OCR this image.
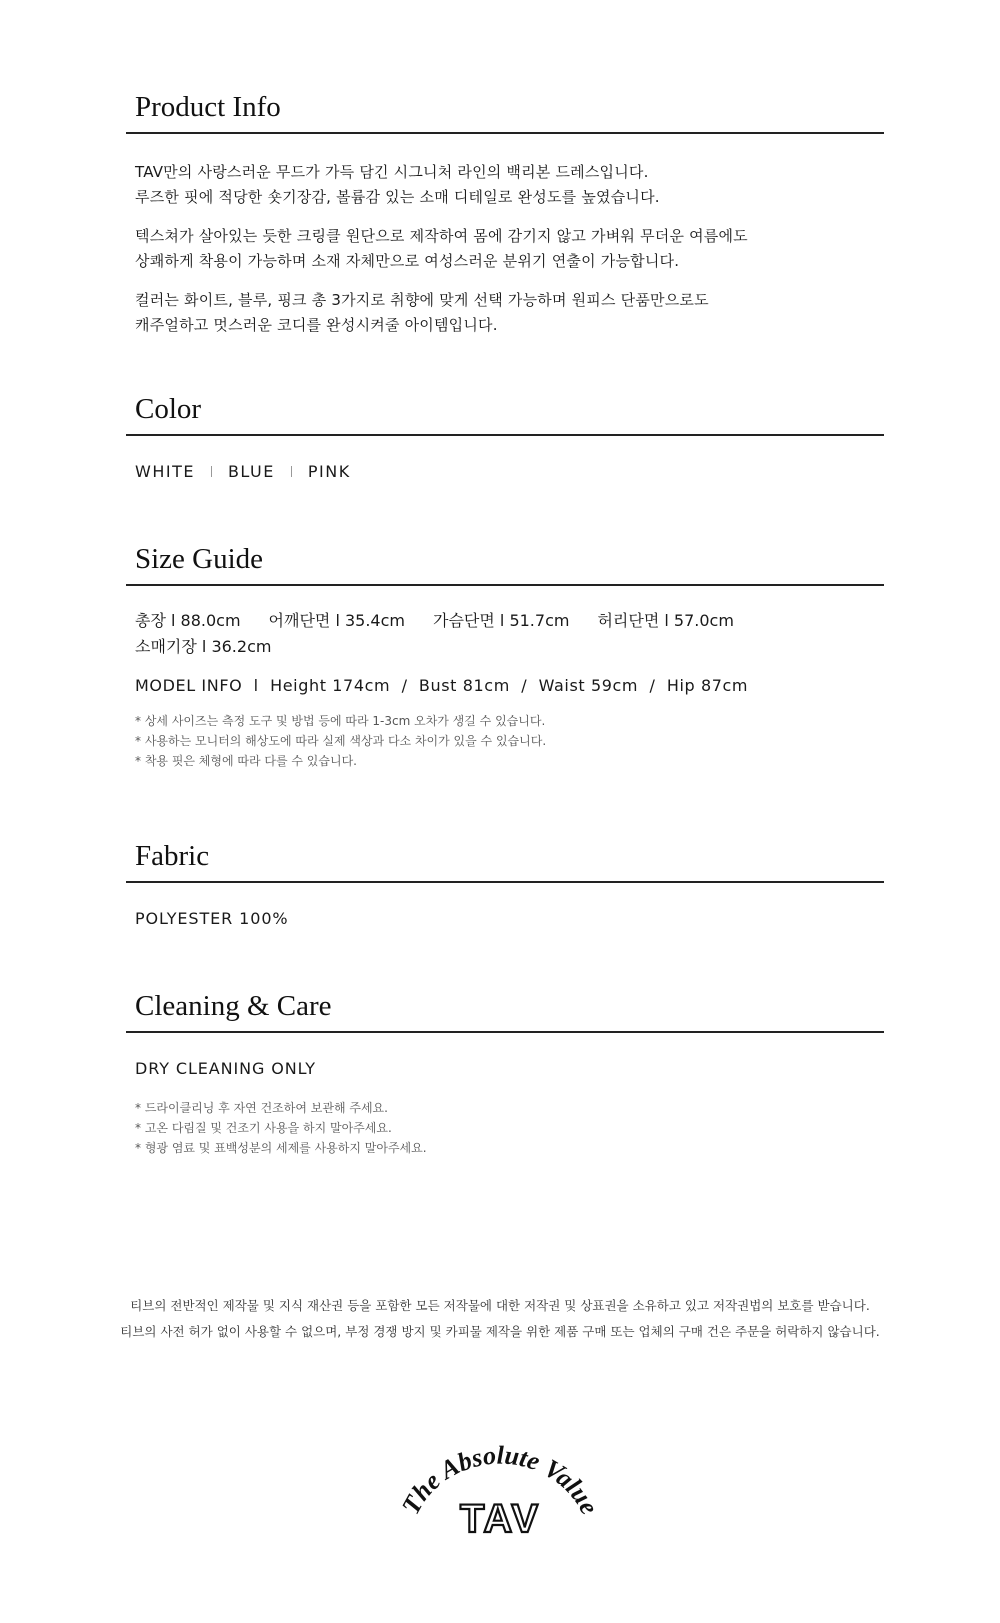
Product Info

TAV만의 사랑스러운 무드가 가득 담긴 시그니처 라인의 백리본 드레스입니다.
루즈한 핏에 적당한 숏기장감, 볼륨감 있는 소매 디테일로 완성도를 높였습니다.

텍스쳐가 살아있는 듯한 크링클 원단으로 제작하여 몸에 감기지 않고 가벼워 무더운 여름에도
상쾌하게 착용이 가능하며 소재 자체만으로 여성스러운 분위기 연출이 가능합니다.

컬러는 화이트, 블루, 핑크 총 3가지로 취향에 맞게 선택 가능하며 원피스 단품만으로도
캐주얼하고 멋스러운 코디를 완성시켜줄 아이템입니다.

Color
WHITE BLUE PINK
Size Guide
총장 l 88.0cm 어깨단면 l 35.4cm 가슴단면 l 51.7cm 허리단면 l 57.0cm
소매기장 l 36.2cm
MODEL INFO  l  Height 174cm  /  Bust 81cm  /  Waist 59cm  /  Hip 87cm
* 상세 사이즈는 측정 도구 및 방법 등에 따라 1-3cm 오차가 생길 수 있습니다.
* 사용하는 모니터의 해상도에 따라 실제 색상과 다소 차이가 있을 수 있습니다.
* 착용 핏은 체형에 따라 다를 수 있습니다.
Fabric
POLYESTER 100%
Cleaning & Care
DRY CLEANING ONLY
* 드라이클리닝 후 자연 건조하여 보관해 주세요.
* 고온 다림질 및 건조기 사용을 하지 말아주세요.
* 형광 염료 및 표백성분의 세제를 사용하지 말아주세요.
티브의 전반적인 제작물 및 지식 재산권 등을 포함한 모든 저작물에 대한 저작권 및 상표권을 소유하고 있고 저작권법의 보호를 받습니다.
티브의 사전 허가 없이 사용할 수 없으며, 부정 경쟁 방지 및 카피물 제작을 위한 제품 구매 또는 업체의 구매 건은 주문을 허락하지 않습니다.
The Absolute Value
TAV
